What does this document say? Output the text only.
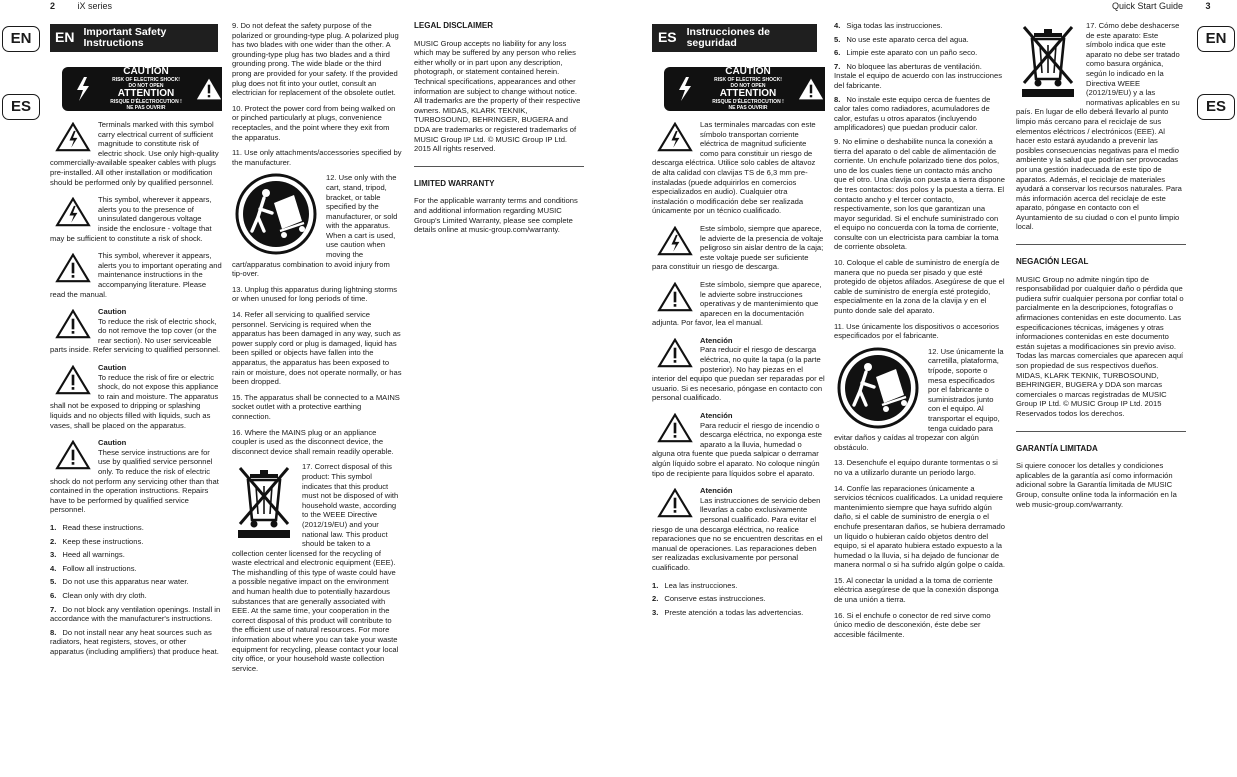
2	iX series	Quick Start Guide	3
EN
ES
EN
ES
EN Important Safety Instructions	ES Instrucciones de seguridad
CAUTION
RISK OF ELECTRIC SHOCK!
DO NOT OPEN
ATTENTION
RISQUE D'ÉLECTROCUTION !
NE PAS OUVRIR
Terminals marked with this symbol carry electrical current of sufficient magnitude to constitute risk of electric shock. Use only high-quality commercially-available speaker cables with plugs pre-installed. All other installation or modification should be performed only by qualified personnel.
This symbol, wherever it appears, alerts you to the presence of uninsulated dangerous voltage inside the enclosure - voltage that may be sufficient to constitute a risk of shock.
This symbol, wherever it appears, alerts you to important operating and maintenance instructions in the accompanying literature. Please read the manual.
Caution
To reduce the risk of electric shock, do not remove the top cover (or the rear section). No user serviceable parts inside. Refer servicing to qualified personnel.
Caution
To reduce the risk of fire or electric shock, do not expose this appliance to rain and moisture. The apparatus shall not be exposed to dripping or splashing liquids and no objects filled with liquids, such as vases, shall be placed on the apparatus.
Caution
These service instructions are for use by qualified service personnel only. To reduce the risk of electric shock do not perform any servicing other than that contained in the operation instructions. Repairs have to be performed by qualified service personnel.
1. Read these instructions.
2. Keep these instructions.
3. Heed all warnings.
4. Follow all instructions.
5. Do not use this apparatus near water.
6. Clean only with dry cloth.
7. Do not block any ventilation openings. Install in accordance with the manufacturer's instructions.
8. Do not install near any heat sources such as radiators, heat registers, stoves, or other apparatus (including amplifiers) that produce heat.

9. Do not defeat the safety purpose of the polarized or grounding-type plug. A polarized plug has two blades with one wider than the other. A grounding-type plug has two blades and a third grounding prong. The wide blade or the third prong are provided for your safety. If the provided plug does not fit into your outlet, consult an electrician for replacement of the obsolete outlet.

10. Protect the power cord from being walked on or pinched particularly at plugs, convenience receptacles, and the point where they exit from the apparatus.

11. Use only attachments/accessories specified by the manufacturer.

12. Use only with the cart, stand, tripod, bracket, or table specified by the manufacturer, or sold with the apparatus. When a cart is used, use caution when moving the cart/apparatus combination to avoid injury from tip-over.

13. Unplug this apparatus during lightning storms or when unused for long periods of time.

14. Refer all servicing to qualified service personnel. Servicing is required when the apparatus has been damaged in any way, such as power supply cord or plug is damaged, liquid has been spilled or objects have fallen into the apparatus, the apparatus has been exposed to rain or moisture, does not operate normally, or has been dropped.

15. The apparatus shall be connected to a MAINS socket outlet with a protective earthing connection.

16. Where the MAINS plug or an appliance coupler is used as the disconnect device, the disconnect device shall remain readily operable.

17. Correct disposal of this product: This symbol indicates that this product must not be disposed of with household waste, according to the WEEE Directive (2012/19/EU) and your national law. This product should be taken to a collection center licensed for the recycling of waste electrical and electronic equipment (EEE). The mishandling of this type of waste could have a possible negative impact on the environment and human health due to potentially hazardous substances that are generally associated with EEE. At the same time, your cooperation in the correct disposal of this product will contribute to the efficient use of natural resources. For more information about where you can take your waste equipment for recycling, please contact your local city office, or your household waste collection service.

LEGAL DISCLAIMER

MUSIC Group accepts no liability for any loss which may be suffered by any person who relies either wholly or in part upon any description, photograph, or statement contained herein. Technical specifications, appearances and other information are subject to change without notice. All trademarks are the property of their respective owners. MIDAS, KLARK TEKNIK, TURBOSOUND, BEHRINGER, BUGERA and DDA are trademarks or registered trademarks of MUSIC Group IP Ltd. © MUSIC Group IP Ltd. 2015 All rights reserved.

LIMITED WARRANTY

For the applicable warranty terms and conditions and additional information regarding MUSIC Group's Limited Warranty, please see complete details online at music-group.com/warranty.

CAUTION
RISK OF ELECTRIC SHOCK!
DO NOT OPEN
ATTENTION
RISQUE D'ÉLECTROCUTION !
NE PAS OUVRIR
Las terminales marcadas con este símbolo transportan corriente eléctrica de magnitud suficiente como para constituir un riesgo de descarga eléctrica. Utilice solo cables de altavoz de alta calidad con clavijas TS de 6,3 mm pre-instaladas (puede adquirirlos en comercios especializados en audio). Cualquier otra instalación o modificación debe ser realizada únicamente por un técnico cualificado.
Este símbolo, siempre que aparece, le advierte de la presencia de voltaje peligroso sin aislar dentro de la caja; este voltaje puede ser suficiente para constituir un riesgo de descarga.
Este símbolo, siempre que aparece, le advierte sobre instrucciones operativas y de mantenimiento que aparecen en la documentación adjunta. Por favor, lea el manual.
Atención
Para reducir el riesgo de descarga eléctrica, no quite la tapa (o la parte posterior). No hay piezas en el interior del equipo que puedan ser reparadas por el usuario. Si es necesario, póngase en contacto con personal cualificado.
Atención
Para reducir el riesgo de incendio o descarga eléctrica, no exponga este aparato a la lluvia, humedad o alguna otra fuente que pueda salpicar o derramar algún líquido sobre el aparato. No coloque ningún tipo de recipiente para líquidos sobre el aparato.
Atención
Las instrucciones de servicio deben llevarlas a cabo exclusivamente personal cualificado. Para evitar el riesgo de una descarga eléctrica, no realice reparaciones que no se encuentren descritas en el manual de operaciones. Las reparaciones deben ser realizadas exclusivamente por personal cualificado.
1. Lea las instrucciones.
2. Conserve estas instrucciones.
3. Preste atención a todas las advertencias.
4. Siga todas las instrucciones.
5. No use este aparato cerca del agua.
6. Limpie este aparato con un paño seco.
7. No bloquee las aberturas de ventilación. Instale el equipo de acuerdo con las instrucciones del fabricante.
8. No instale este equipo cerca de fuentes de calor tales como radiadores, acumuladores de calor, estufas u otros aparatos (incluyendo amplificadores) que puedan producir calor.

9. No elimine o deshabilite nunca la conexión a tierra del aparato o del cable de alimentación de corriente. Un enchufe polarizado tiene dos polos, uno de los cuales tiene un contacto más ancho que el otro. Una clavija con puesta a tierra dispone de tres contactos: dos polos y la puesta a tierra. El contacto ancho y el tercer contacto, respectivamente, son los que garantizan una mayor seguridad. Si el enchufe suministrado con el equipo no concuerda con la toma de corriente, consulte con un electricista para cambiar la toma de corriente obsoleta.

10. Coloque el cable de suministro de energía de manera que no pueda ser pisado y que esté protegido de objetos afilados. Asegúrese de que el cable de suministro de energía esté protegido, especialmente en la zona de la clavija y en el punto donde sale del aparato.

11. Use únicamente los dispositivos o accesorios especificados por el fabricante.

12. Use únicamente la carretilla, plataforma, trípode, soporte o mesa especificados por el fabricante o suministrados junto con el equipo. Al transportar el equipo, tenga cuidado para evitar daños y caídas al tropezar con algún obstáculo.

13. Desenchufe el equipo durante tormentas o si no va a utilizarlo durante un periodo largo.

14. Confíe las reparaciones únicamente a servicios técnicos cualificados. La unidad requiere mantenimiento siempre que haya sufrido algún daño, si el cable de suministro de energía o el enchufe presentaran daños, se hubiera derramado un líquido o hubieran caído objetos dentro del equipo, si el aparato hubiera estado expuesto a la humedad o la lluvia, si ha dejado de funcionar de manera normal o si ha sufrido algún golpe o caída.

15. Al conectar la unidad a la toma de corriente eléctrica asegúrese de que la conexión disponga de una unión a tierra.

16. Si el enchufe o conector de red sirve como único medio de desconexión, éste debe ser accesible fácilmente.

17. Cómo debe deshacerse de este aparato: Este símbolo indica que este aparato no debe ser tratado como basura orgánica, según lo indicado en la Directiva WEEE (2012/19/EU) y a las normativas aplicables en su país. En lugar de ello deberá llevarlo al punto limpio más cercano para el reciclaje de sus elementos eléctricos / electrónicos (EEE). Al hacer esto estará ayudando a prevenir las posibles consecuencias negativas para el medio ambiente y la salud que podrían ser provocadas por una gestión inadecuada de este tipo de aparatos. Además, el reciclaje de materiales ayudará a conservar los recursos naturales. Para más información acerca del reciclaje de este aparato, póngase en contacto con el Ayuntamiento de su ciudad o con el punto limpio local.

NEGACIÓN LEGAL

MUSIC Group no admite ningún tipo de responsabilidad por cualquier daño o pérdida que pudiera sufrir cualquier persona por confiar total o parcialmente en la descripciones, fotografías o afirmaciones contenidas en este documento. Las especificaciones técnicas, imágenes y otras informaciones contenidas en este documento están sujetas a modificaciones sin previo aviso. Todas las marcas comerciales que aparecen aquí son propiedad de sus respectivos dueños. MIDAS, KLARK TEKNIK, TURBOSOUND, BEHRINGER, BUGERA y DDA son marcas comerciales o marcas registradas de MUSIC Group IP Ltd. © MUSIC Group IP Ltd. 2015 Reservados todos los derechos.

GARANTÍA LIMITADA

Si quiere conocer los detalles y condiciones aplicables de la garantía así como información adicional sobre la Garantía limitada de MUSIC Group, consulte online toda la información en la web music-group.com/warranty.
